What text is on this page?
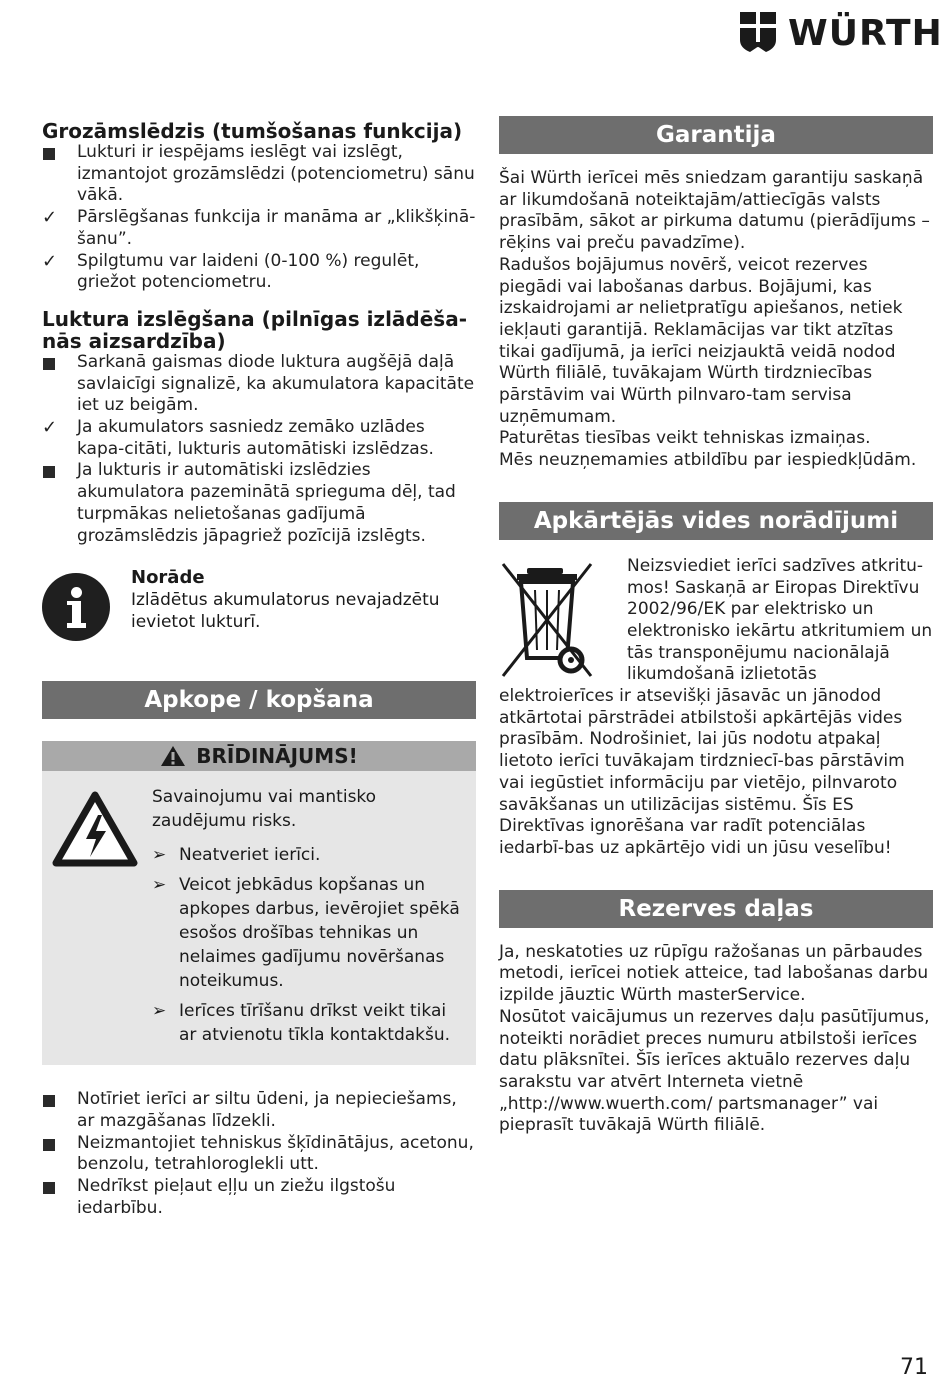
WÜRTH
Grozāmslēdzis (tumšošanas funkcija)
Lukturi ir iespējams ieslēgt vai izslēgt, izmantojot grozāmslēdzi (potenciometru) sānu vākā.
✓ Pārslēgšanas funkcija ir manāma ar „klikšķinā-šanu”.
✓ Spilgtumu var laideni (0-100 %) regulēt, griežot potenciometru.
Luktura izslēgšana (pilnīgas izlādēša-nās aizsardzība)
Sarkanā gaismas diode luktura augšējā daļā savlaicīgi signalizē, ka akumulatora kapacitāte iet uz beigām.
✓ Ja akumulators sasniedz zemāko uzlādes kapa-citāti, lukturis automātiski izslēdzas.
Ja lukturis ir automātiski izslēdzies akumulatora pazeminātā sprieguma dēļ, tad turpmākas nelietošanas gadījumā grozāmslēdzis jāpagriež pozīcijā izslēgts.
Norāde
Izlādētus akumulatorus nevajadzētu ievietot lukturī.
Apkope / kopšana
BRĪDINĀJUMS!

Savainojumu vai mantisko zaudējumu risks.

➢ Neatveriet ierīci.
➢ Veicot jebkādus kopšanas un apkopes darbus, ievērojiet spēkā esošos drošības tehnikas un nelaimes gadījumu novēršanas noteikumus.
➢ Ierīces tīrīšanu drīkst veikt tikai ar atvienotu tīkla kontaktdakšu.
Notīriet ierīci ar siltu ūdeni, ja nepieciešams, ar mazgāšanas līdzekli.
Neizmantojiet tehniskus šķīdinātājus, acetonu, benzolu, tetrahloroglekli utt.
Nedrīkst pieļaut eļļu un ziežu ilgstošu iedarbību.
Garantija
Šai Würth ierīcei mēs sniedzam garantiju saskaņā ar likumdošanā noteiktajām/attiecīgās valsts prasībām, sākot ar pirkuma datumu (pierādījums – rēķins vai preču pavadzīme).
Radušos bojājumus novērš, veicot rezerves piegādi vai labošanas darbus. Bojājumi, kas izskaidrojami ar nelietpratīgu apiešanos, netiek iekļauti garantijā. Reklamācijas var tikt atzītas tikai gadījumā, ja ierīci neizjauktā veidā nodod Würth filiālē, tuvākajam Würth tirdzniecības pārstāvim vai Würth pilnvaro-tam servisa uzņēmumam.
Paturētas tiesības veikt tehniskas izmaiņas.
Mēs neuzņemamies atbildību par iespiedkļūdām.
Apkārtējās vides norādījumi
Neizsviediet ierīci sadzīves atkritu-mos! Saskaņā ar Eiropas Direktīvu 2002/96/EK par elektrisko un elektronisko iekārtu atkritumiem un tās transponējumu nacionālajā likumdošanā izlietotās elektroierīces ir atsevišķi jāsavāc un jānodod atkārtotai pārstrādei atbilstoši apkārtējās vides prasībām. Nodrošiniet, lai jūs nodotu atpakaļ lietoto ierīci tuvākajam tirdzniecī-bas pārstāvim vai iegūstiet informāciju par vietējo, pilnvaroto savākšanas un utilizācijas sistēmu. Šīs ES Direktīvas ignorēšana var radīt potenciālas iedarbī-bas uz apkārtējo vidi un jūsu veselību!
Rezerves daļas
Ja, neskatoties uz rūpīgu ražošanas un pārbaudes metodi, ierīcei notiek atteice, tad labošanas darbu izpilde jāuztic Würth masterService.
Nosūtot vaicājumus un rezerves daļu pasūtījumus, noteikti norādiet preces numuru atbilstoši ierīces datu plāksnītei. Šīs ierīces aktuālo rezerves daļu sarakstu var atvērt Interneta vietnē „http://www.wuerth.com/ partsmanager” vai pieprasīt tuvākajā Würth filiālē.
71
